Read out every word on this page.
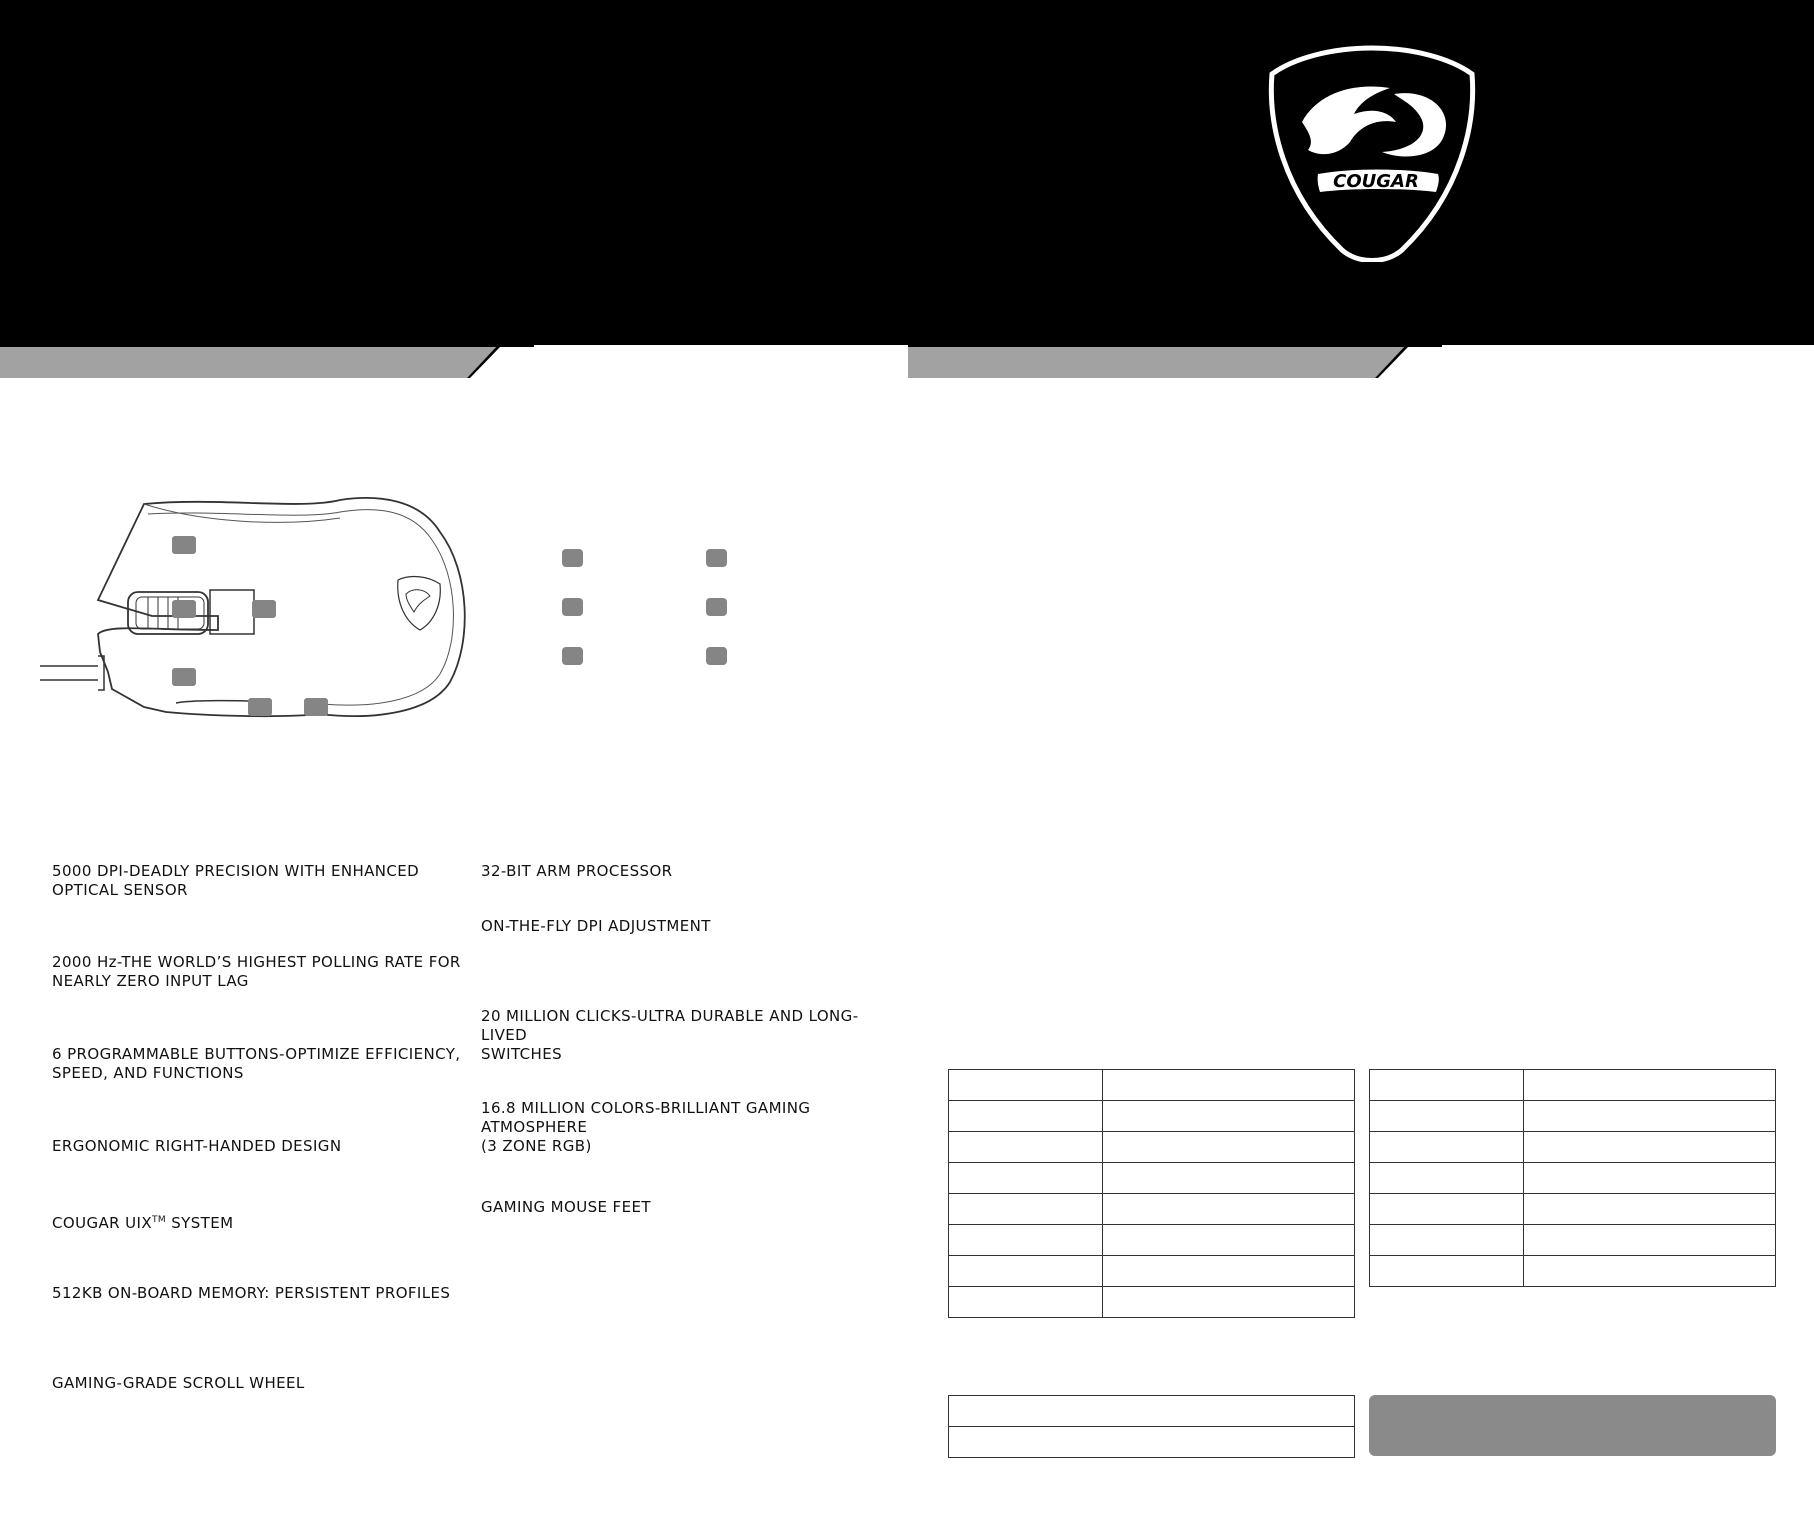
COUGAR

5000 DPI-DEADLY PRECISION WITH ENHANCED
OPTICAL SENSOR

2000 Hz-THE WORLD’S HIGHEST POLLING RATE FOR
NEARLY ZERO INPUT LAG

6 PROGRAMMABLE BUTTONS-OPTIMIZE EFFICIENCY,
SPEED, AND FUNCTIONS

ERGONOMIC RIGHT-HANDED DESIGN

COUGAR UIX™ SYSTEM

512KB ON-BOARD MEMORY: PERSISTENT PROFILES

GAMING-GRADE SCROLL WHEEL

32-BIT ARM PROCESSOR

ON-THE-FLY DPI ADJUSTMENT

20 MILLION CLICKS-ULTRA DURABLE AND LONG-LIVED
SWITCHES

16.8 MILLION COLORS-BRILLIANT GAMING ATMOSPHERE
(3 ZONE RGB)

GAMING MOUSE FEET
